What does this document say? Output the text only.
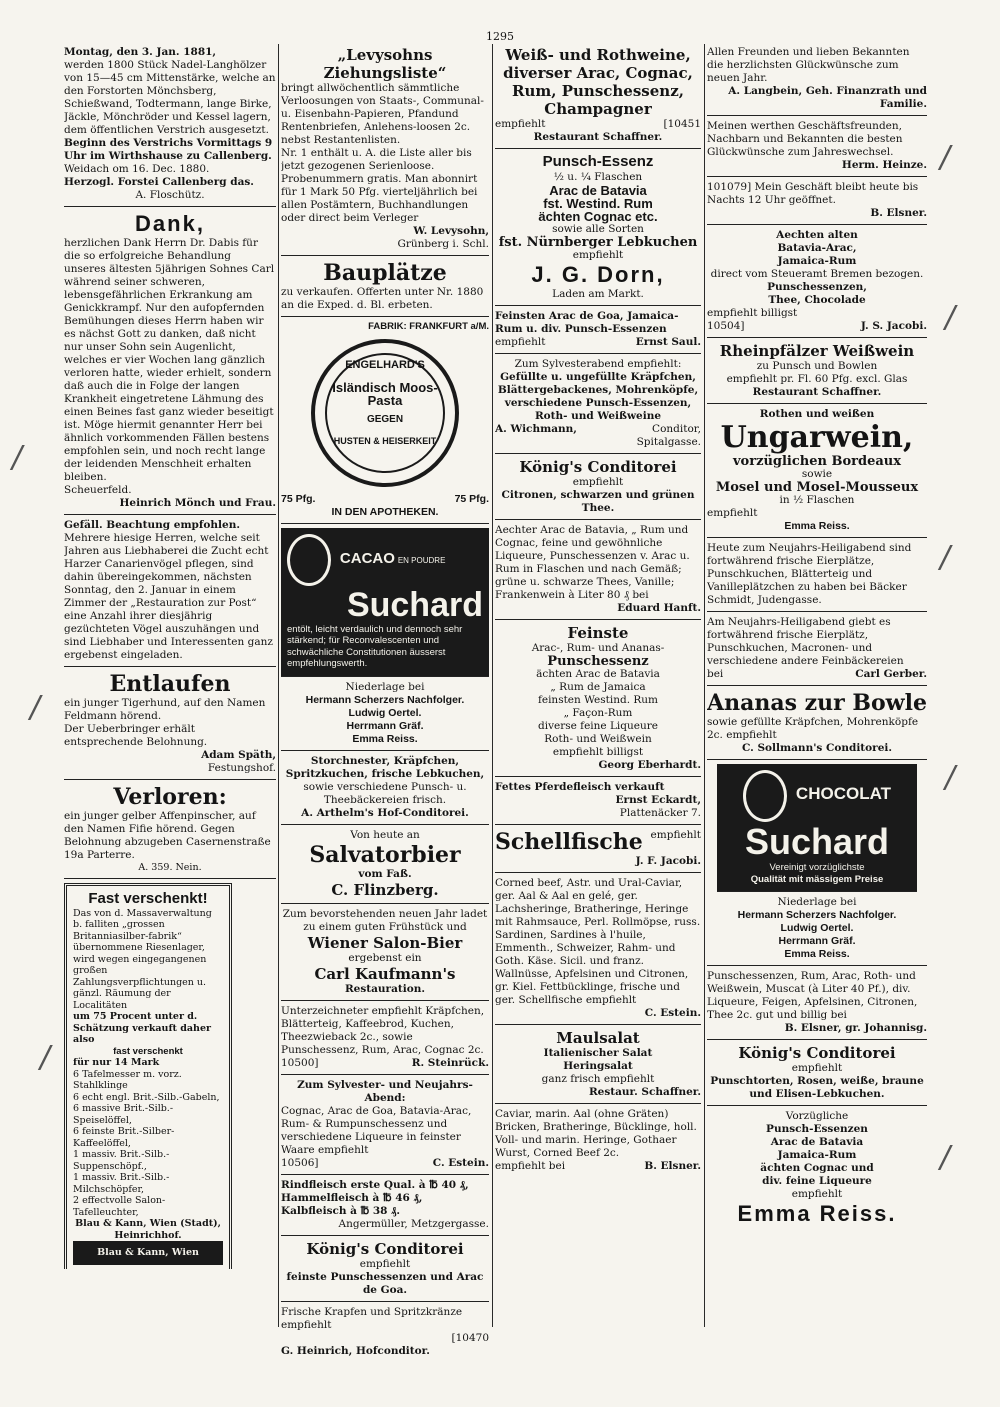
1295
Montag, den 3. Jan. 1881,
werden 1800 Stück Nadel-Langhölzer von 15—45 cm Mittenstärke, welche an den Forstorten Mönchsberg, Schießwand, Todtermann, lange Birke, Jäckle, Mönchröder und Kessel lagern, dem öffentlichen Verstrich ausgesetzt.
Beginn des Verstrichs Vormittags 9 Uhr im Wirthshause zu Callenberg.
Weidach om 16. Dec. 1880.
Herzogl. Forstei Callenberg das.
A. Floschütz.
Dank,
herzlichen Dank Herrn Dr. Dabis für die so erfolgreiche Behandlung unseres ältesten 5jährigen Sohnes Carl während seiner schweren, lebensgefährlichen Erkrankung am Genickkrampf. Nur den aufopfernden Bemühungen dieses Herrn haben wir es nächst Gott zu danken, daß nicht nur unser Sohn sein Augenlicht, welches er vier Wochen lang gänzlich verloren hatte, wieder erhielt, sondern daß auch die in Folge der langen Krankheit eingetretene Lähmung des einen Beines fast ganz wieder beseitigt ist. Möge hiermit genannter Herr bei ähnlich vorkommenden Fällen bestens empfohlen sein, und noch recht lange der leidenden Menschheit erhalten bleiben.
Scheuerfeld.
Heinrich Mönch und Frau.
Gefäll. Beachtung empfohlen.
Mehrere hiesige Herren, welche seit Jahren aus Liebhaberei die Zucht echt Harzer Canarienvögel pflegen, sind dahin übereingekommen, nächsten Sonntag, den 2. Januar in einem Zimmer der „Restauration zur Post“ eine Anzahl ihrer diesjährig gezüchteten Vögel auszuhängen und sind Liebhaber und Interessenten ganz ergebenst eingeladen.
Entlaufen
ein junger Tigerhund, auf den Namen Feldmann hörend.
Der Ueberbringer erhält entsprechende Belohnung.
Adam Späth,
Festungshof.
Verloren:
ein junger gelber Affenpinscher, auf den Namen Fifie hörend. Gegen Belohnung abzugeben Casernenstraße 19a Parterre.
A. 359. Nein.
Fast verschenkt!
Das von d. Massaverwaltung b. falliten „grossen Britanniasilber-fabrik“ übernommene Riesenlager, wird wegen eingegangenen großen Zahlungsverpflichtungen u. gänzl. Räumung der Localitäten
um 75 Procent unter d. Schätzung verkauft daher also
fast verschenkt
für nur 14 Mark
6 Tafelmesser m. vorz. Stahlklinge
6 echt engl. Brit.-Silb.-Gabeln,
6 massive Brit.-Silb.-Speiselöffel,
6 feinste Brit.-Silber-Kaffeelöffel,
1 massiv. Brit.-Silb.-Suppenschöpf.,
1 massiv. Brit.-Silb.-Milchschöpfer,
2 effectvolle Salon-Tafelleuchter,
Blau & Kann, Wien (Stadt), Heinrichhof.
Blau & Kann, Wien
„Levysohns Ziehungsliste“
bringt allwöchentlich sämmtliche Verloosungen von Staats-, Communal- u. Eisenbahn-Papieren, Pfandund Rentenbriefen, Anlehens-loosen 2c. nebst Restantenlisten.
Nr. 1 enthält u. A. die Liste aller bis jetzt gezogenen Serienloose. Probenummern gratis. Man abonnirt für 1 Mark 50 Pfg. vierteljährlich bei allen Postämtern, Buchhandlungen oder direct beim Verleger
W. Levysohn,
Grünberg i. Schl.
Bauplätze
zu verkaufen. Offerten unter Nr. 1880 an die Exped. d. Bl. erbeten.
FABRIK: FRANKFURT a/M.
ENGELHARD'S
Isländisch Moos-Pasta
GEGEN
HUSTEN & HEISERKEIT
75 Pfg.	75 Pfg.
IN DEN APOTHEKEN.
CACAO EN POUDRE
Suchard
entölt, leicht verdaulich und dennoch sehr stärkend; für Reconvalescenten und schwächliche Constitutionen äusserst empfehlungswerth.
Niederlage bei
Hermann Scherzers Nachfolger.
Ludwig Oertel.
Herrmann Gräf.
Emma Reiss.
Storchnester, Kräpfchen, Spritzkuchen, frische Lebkuchen,
sowie verschiedene Punsch- u. Theebäckereien frisch.
A. Arthelm's Hof-Conditorei.
Von heute an
Salvatorbier
vom Faß.
C. Flinzberg.
Zum bevorstehenden neuen Jahr ladet zu einem guten Frühstück und
Wiener Salon-Bier
ergebenst ein
Carl Kaufmann's
Restauration.
Unterzeichneter empfiehlt Kräpfchen, Blätterteig, Kaffeebrod, Kuchen, Theezwieback 2c., sowie Punschessenz, Rum, Arac, Cognac 2c.
10500]	R. Steinrück.
Zum Sylvester- und Neujahrs-Abend:
Cognac, Arac de Goa, Batavia-Arac, Rum- & Rumpunschessenz und verschiedene Liqueure in feinster Waare empfiehlt
10506]	C. Estein.
Rindfleisch erste Qual. à ℔ 40 ₰,
Hammelfleisch à ℔ 46 ₰,
Kalbfleisch à ℔ 38 ₰.
Angermüller, Metzgergasse.
König's Conditorei
empfiehlt
feinste Punschessenzen und Arac de Goa.
Frische Krapfen und Spritzkränze empfiehlt
[10470
G. Heinrich, Hofconditor.
Weiß- und Rothweine, diverser Arac, Cognac, Rum, Punschessenz,
Champagner
empfiehlt	[10451
Restaurant Schaffner.
Punsch-Essenz
½ u. ¼ Flaschen
Arac de Batavia
fst. Westind. Rum
ächten Cognac etc.
sowie alle Sorten
fst. Nürnberger Lebkuchen
empfiehlt
J. G. Dorn,
Laden am Markt.
Feinsten Arac de Goa, Jamaica-Rum u. div. Punsch-Essenzen
empfiehlt	Ernst Saul.
Zum Sylvesterabend empfiehlt:
Gefüllte u. ungefüllte Kräpfchen, Blättergebackenes, Mohrenköpfe, verschiedene Punsch-Essenzen, Roth- und Weißweine
A. Wichmann,	Conditor,
Spitalgasse.
König's Conditorei
empfiehlt
Citronen, schwarzen und grünen Thee.
Aechter Arac de Batavia, „ Rum und Cognac, feine und gewöhnliche Liqueure, Punschessenzen v. Arac u. Rum in Flaschen und nach Gemäß; grüne u. schwarze Thees, Vanille; Frankenwein à Liter 80 ₰ bei
Eduard Hanft.
Feinste
Arac-, Rum- und Ananas-
Punschessenz
ächten Arac de Batavia
„ Rum de Jamaica
feinsten Westind. Rum
„ Façon-Rum
diverse feine Liqueure
Roth- und Weißwein
empfiehlt billigst
Georg Eberhardt.
Fettes Pferdefleisch verkauft
Ernst Eckardt,
Plattenäcker 7.
Schellfische empfiehlt
J. F. Jacobi.
Corned beef, Astr. und Ural-Caviar, ger. Aal & Aal en gelé, ger. Lachsheringe, Bratheringe, Heringe mit Rahmsauce, Perl. Rollmöpse, russ. Sardinen, Sardines à l'huile, Emmenth., Schweizer, Rahm- und Goth. Käse. Sicil. und franz. Wallnüsse, Apfelsinen und Citronen, gr. Kiel. Fettbücklinge, frische und ger. Schellfische empfiehlt
C. Estein.
Maulsalat
Italienischer Salat
Heringsalat
ganz frisch empfiehlt
Restaur. Schaffner.
Caviar, marin. Aal (ohne Gräten) Bricken, Bratheringe, Bücklinge, holl. Voll- und marin. Heringe, Gothaer Wurst, Corned Beef 2c.
empfiehlt bei	B. Elsner.
Allen Freunden und lieben Bekannten die herzlichsten Glückwünsche zum neuen Jahr.
A. Langbein, Geh. Finanzrath und Familie.
Meinen werthen Geschäftsfreunden, Nachbarn und Bekannten die besten Glückwünsche zum Jahreswechsel.
Herm. Heinze.
101079] Mein Geschäft bleibt heute bis Nachts 12 Uhr geöffnet.
B. Elsner.
Aechten alten
Batavia-Arac,
Jamaica-Rum
direct vom Steueramt Bremen bezogen.
Punschessenzen,
Thee, Chocolade
empfiehlt billigst
10504]	J. S. Jacobi.
Rheinpfälzer Weißwein
zu Punsch und Bowlen
empfiehlt pr. Fl. 60 Pfg. excl. Glas
Restaurant Schaffner.
Rothen und weißen
Ungarwein,
vorzüglichen Bordeaux
sowie
Mosel und Mosel-Mousseux
in ½ Flaschen
empfiehlt
Emma Reiss.
Heute zum Neujahrs-Heiligabend sind fortwährend frische Eierplätze, Punschkuchen, Blätterteig und Vanilleplätzchen zu haben bei Bäcker Schmidt, Judengasse.
Am Neujahrs-Heiligabend giebt es fortwährend frische Eierplätz, Punschkuchen, Macronen- und verschiedene andere Feinbäckereien
bei	Carl Gerber.
Ananas zur Bowle
sowie gefüllte Kräpfchen, Mohrenköpfe 2c. empfiehlt
C. Sollmann's Conditorei.
CHOCOLAT
Suchard
Vereinigt vorzüglichste
Qualität mit mässigem Preise
Niederlage bei
Hermann Scherzers Nachfolger.
Ludwig Oertel.
Herrmann Gräf.
Emma Reiss.
Punschessenzen, Rum, Arac, Roth- und Weißwein, Muscat (à Liter 40 Pf.), div. Liqueure, Feigen, Apfelsinen, Citronen, Thee 2c. gut und billig bei
B. Elsner, gr. Johannisg.
König's Conditorei
empfiehlt
Punschtorten, Rosen, weiße, braune und Elisen-Lebkuchen.
Vorzügliche
Punsch-Essenzen
Arac de Batavia
Jamaica-Rum
ächten Cognac und
div. feine Liqueure
empfiehlt
Emma Reiss.
/
/
/
/
/
/
/
/
